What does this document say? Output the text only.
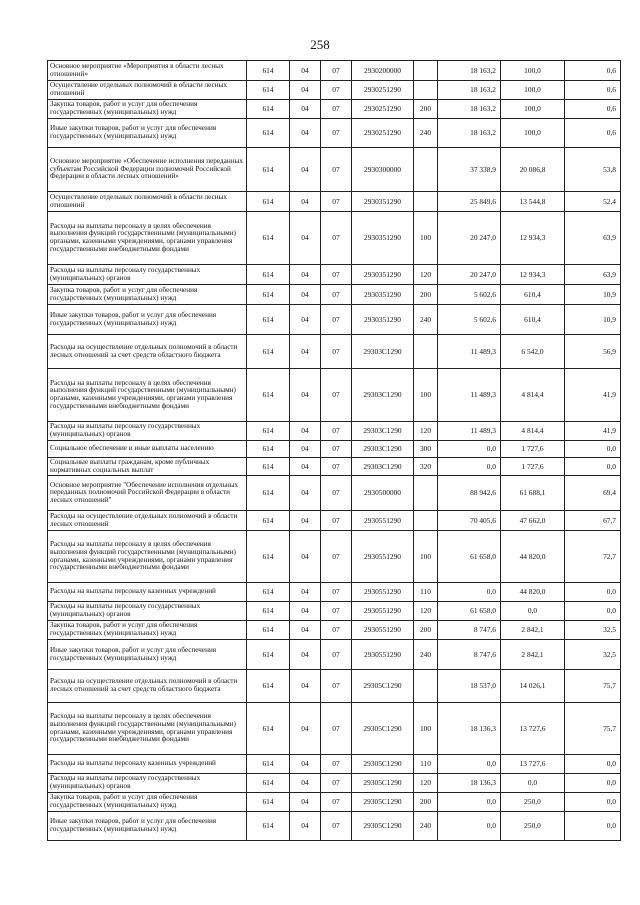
258
Основное мероприятие «Мероприятия в области лесных отношений»	614	04	07	2930200000		18 163,2	100,0	0,6
Осуществление отдельных полномочий в области лесных отношений	614	04	07	2930251290		18 163,2	100,0	0,6
Закупка товаров, работ и услуг для обеспечения государственных (муниципальных) нужд	614	04	07	2930251290	200	18 163,2	100,0	0,6
Иные закупки товаров, работ и услуг для обеспечения государственных (муниципальных) нужд	614	04	07	2930251290	240	18 163,2	100,0	0,6
Основное мероприятие «Обеспечение исполнения переданных субъектам Российской Федерации полномочий Российской Федерации в области лесных отношений»	614	04	07	2930300000		37 338,9	20 086,8	53,8
Осуществление отдельных полномочий в области лесных отношений	614	04	07	2930351290		25 849,6	13 544,8	52,4
Расходы на выплаты персоналу в целях обеспечения выполнения функций государственными (муниципальными) органами, казенными учреждениями, органами управления государственными внебюджетными фондами	614	04	07	2930351290	100	20 247,0	12 934,3	63,9
Расходы на выплаты персоналу государственных (муниципальных) органов	614	04	07	2930351290	120	20 247,0	12 934,3	63,9
Закупка товаров, работ и услуг для обеспечения государственных (муниципальных) нужд	614	04	07	2930351290	200	5 602,6	610,4	10,9
Иные закупки товаров, работ и услуг для обеспечения государственных (муниципальных) нужд	614	04	07	2930351290	240	5 602,6	610,4	10,9
Расходы на осуществление отдельных полномочий в области лесных отношений за счет средств областного бюджета	614	04	07	29303С1290		11 489,3	6 542,0	56,9
Расходы на выплаты персоналу в целях обеспечения выполнения функций государственными (муниципальными) органами, казенными учреждениями, органами управления государственными внебюджетными фондами	614	04	07	29303С1290	100	11 489,3	4 814,4	41,9
Расходы на выплаты персоналу государственных (муниципальных) органов	614	04	07	29303С1290	120	11 489,3	4 814,4	41,9
Социальное обеспечение и иные выплаты населению	614	04	07	29303С1290	300	0,0	1 727,6	0,0
Социальные выплаты гражданам, кроме публичных нормативных социальных выплат	614	04	07	29303С1290	320	0,0	1 727,6	0,0
Основное мероприятие "Обеспечение исполнения отдельных переданных полномочий Российской Федерации в области лесных отношений"	614	04	07	2930500000		88 942,6	61 688,1	69,4
Расходы на осуществление отдельных полномочий в области лесных отношений	614	04	07	2930551290		70 405,6	47 662,0	67,7
Расходы на выплаты персоналу в целях обеспечения выполнения функций государственными (муниципальными) органами, казенными учреждениями, органами управления государственными внебюджетными фондами	614	04	07	2930551290	100	61 658,0	44 820,0	72,7
Расходы на выплаты персоналу казенных учреждений	614	04	07	2930551290	110	0,0	44 820,0	0,0
Расходы на выплаты персоналу государственных (муниципальных) органов	614	04	07	2930551290	120	61 658,0	0,0	0,0
Закупка товаров, работ и услуг для обеспечения государственных (муниципальных) нужд	614	04	07	2930551290	200	8 747,6	2 842,1	32,5
Иные закупки товаров, работ и услуг для обеспечения государственных (муниципальных) нужд	614	04	07	2930551290	240	8 747,6	2 842,1	32,5
Расходы на осуществление отдельных полномочий в области лесных отношений за счет средств областного бюджета	614	04	07	29305С1290		18 537,0	14 026,1	75,7
Расходы на выплаты персоналу в целях обеспечения выполнения функций государственными (муниципальными) органами, казенными учреждениями, органами управления государственными внебюджетными фондами	614	04	07	29305С1290	100	18 136,3	13 727,6	75,7
Расходы на выплаты персоналу казенных учреждений	614	04	07	29305С1290	110	0,0	13 727,6	0,0
Расходы на выплаты персоналу государственных (муниципальных) органов	614	04	07	29305С1290	120	18 136,3	0,0	0,0
Закупка товаров, работ и услуг для обеспечения государственных (муниципальных) нужд	614	04	07	29305С1290	200	0,0	250,0	0,0
Иные закупки товаров, работ и услуг для обеспечения государственных (муниципальных) нужд	614	04	07	29305С1290	240	0,0	250,0	0,0
